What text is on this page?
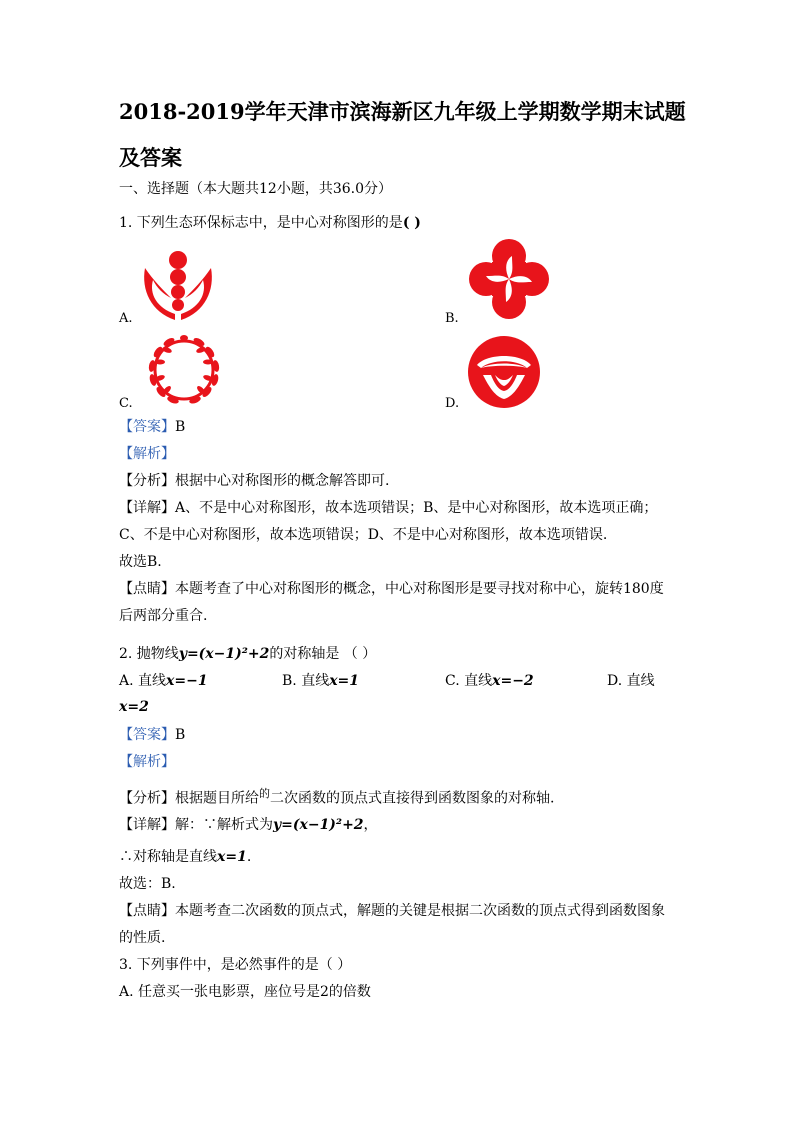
2018-2019学年天津市滨海新区九年级上学期数学期末试题
及答案
一、选择题（本大题共12小题，共36.0分）
1. 下列生态环保标志中，是中心对称图形的是( )
A.	B.
C.	D.
【答案】B
【解析】
【分析】根据中心对称图形的概念解答即可.
【详解】A、不是中心对称图形，故本选项错误；B、是中心对称图形，故本选项正确；
C、不是中心对称图形，故本选项错误；D、不是中心对称图形，故本选项错误.
故选B.
【点睛】本题考查了中心对称图形的概念，中心对称图形是要寻找对称中心，旋转180度
后两部分重合.
2. 抛物线y=(x−1)²+2的对称轴是 （ ）
A. 直线x=−1	B. 直线x=1	C. 直线x=−2	D. 直线
x=2
【答案】B
【解析】
【分析】根据题目所给$^的$二次函数的顶点式直接得到函数图象的对称轴.
【详解】解：∵解析式为y=(x−1)²+2，
∴对称轴是直线x=1.
故选：B.
【点睛】本题考查二次函数的顶点式，解题的关键是根据二次函数的顶点式得到函数图象
的性质.
3. 下列事件中，是必然事件的是（ ）
A. 任意买一张电影票，座位号是2的倍数
